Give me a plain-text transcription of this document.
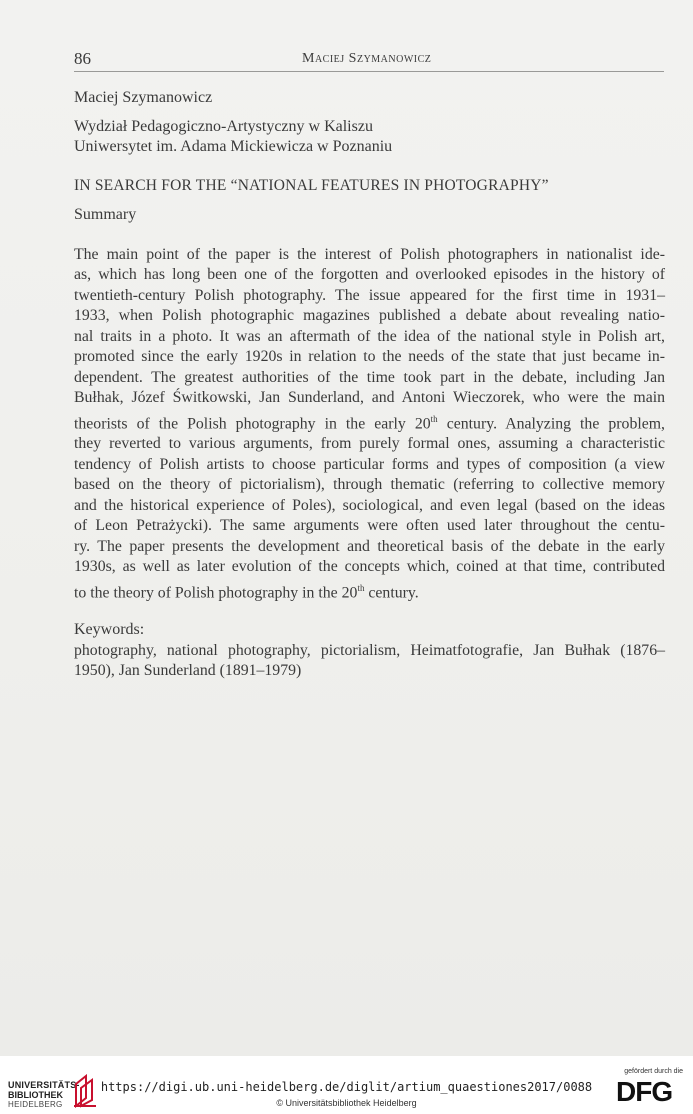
86	Maciej Szymanowicz
Maciej Szymanowicz
Wydział Pedagogiczno-Artystyczny w Kaliszu
Uniwersytet im. Adama Mickiewicza w Poznaniu
IN SEARCH FOR THE “NATIONAL FEATURES IN PHOTOGRAPHY”
Summary
The main point of the paper is the interest of Polish photographers in nationalist ide-
as, which has long been one of the forgotten and overlooked episodes in the history of
twentieth-century Polish photography. The issue appeared for the first time in 1931–
1933, when Polish photographic magazines published a debate about revealing natio-
nal traits in a photo. It was an aftermath of the idea of the national style in Polish art,
promoted since the early 1920s in relation to the needs of the state that just became in-
dependent. The greatest authorities of the time took part in the debate, including Jan
Bułhak, Józef Świtkowski, Jan Sunderland, and Antoni Wieczorek, who were the main
theorists of the Polish photography in the early 20th century. Analyzing the problem,
they reverted to various arguments, from purely formal ones, assuming a characteristic
tendency of Polish artists to choose particular forms and types of composition (a view
based on the theory of pictorialism), through thematic (referring to collective memory
and the historical experience of Poles), sociological, and even legal (based on the ideas
of Leon Petrażycki). The same arguments were often used later throughout the centu-
ry. The paper presents the development and theoretical basis of the debate in the early
1930s, as well as later evolution of the concepts which, coined at that time, contributed
to the theory of Polish photography in the 20th century.
Keywords:
photography, national photography, pictorialism, Heimatfotografie, Jan Bułhak (1876–
1950), Jan Sunderland (1891–1979)
UNIVERSITÄTS-
BIBLIOTHEK
HEIDELBERG
https://digi.ub.uni-heidelberg.de/diglit/artium_quaestiones2017/0088
© Universitätsbibliothek Heidelberg
gefördert durch die
DFG
